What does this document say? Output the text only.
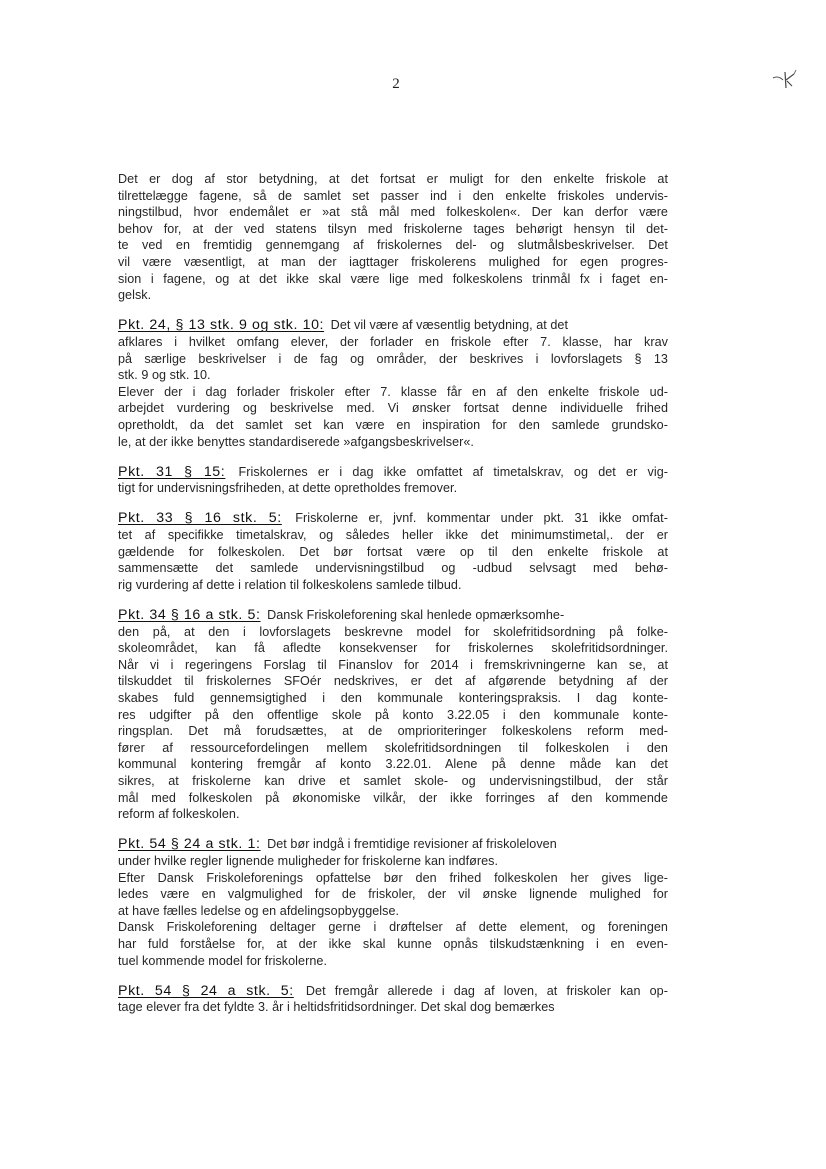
2
Det er dog af stor betydning, at det fortsat er muligt for den enkelte friskole at
tilrettelægge fagene, så de samlet set passer ind i den enkelte friskoles undervis-
ningstilbud, hvor endemålet er »at stå mål med folkeskolen«. Der kan derfor være
behov for, at der ved statens tilsyn med friskolerne tages behørigt hensyn til det-
te ved en fremtidig gennemgang af friskolernes del- og slutmålsbeskrivelser. Det
vil være væsentligt, at man der iagttager friskolerens mulighed for egen progres-
sion i fagene, og at det ikke skal være lige med folkeskolens trinmål fx i faget en-
gelsk.
Pkt. 24, § 13 stk. 9 og stk. 10: Det vil være af væsentlig betydning, at det
afklares i hvilket omfang elever, der forlader en friskole efter 7. klasse, har krav
på særlige beskrivelser i de fag og områder, der beskrives i lovforslagets § 13
stk. 9 og stk. 10.
Elever der i dag forlader friskoler efter 7. klasse får en af den enkelte friskole ud-
arbejdet vurdering og beskrivelse med. Vi ønsker fortsat denne individuelle frihed
opretholdt, da det samlet set kan være en inspiration for den samlede grundsko-
le, at der ikke benyttes standardiserede »afgangsbeskrivelser«.
Pkt. 31 § 15: Friskolernes er i dag ikke omfattet af timetalskrav, og det er vig-
tigt for undervisningsfriheden, at dette opretholdes fremover.
Pkt. 33 § 16 stk. 5: Friskolerne er, jvnf. kommentar under pkt. 31 ikke omfat-
tet af specifikke timetalskrav, og således heller ikke det minimumstimetal,. der er
gældende for folkeskolen. Det bør fortsat være op til den enkelte friskole at
sammensætte det samlede undervisningstilbud og -udbud selvsagt med behø-
rig vurdering af dette i relation til folkeskolens samlede tilbud.
Pkt. 34 § 16 a stk. 5: Dansk Friskoleforening skal henlede opmærksomhe-
den på, at den i lovforslagets beskrevne model for skolefritidsordning på folke-
skoleområdet, kan få afledte konsekvenser for friskolernes skolefritidsordninger.
Når vi i regeringens Forslag til Finanslov for 2014 i fremskrivningerne kan se, at
tilskuddet til friskolernes SFOér nedskrives, er det af afgørende betydning af der
skabes fuld gennemsigtighed i den kommunale konteringspraksis. I dag konte-
res udgifter på den offentlige skole på konto 3.22.05 i den kommunale konte-
ringsplan. Det må forudsættes, at de omprioriteringer folkeskolens reform med-
fører af ressourcefordelingen mellem skolefritidsordningen til folkeskolen i den
kommunal kontering fremgår af konto 3.22.01. Alene på denne måde kan det
sikres, at friskolerne kan drive et samlet skole- og undervisningstilbud, der står
mål med folkeskolen på økonomiske vilkår, der ikke forringes af den kommende
reform af folkeskolen.
Pkt. 54 § 24 a stk. 1: Det bør indgå i fremtidige revisioner af friskoleloven
under hvilke regler lignende muligheder for friskolerne kan indføres.
Efter Dansk Friskoleforenings opfattelse bør den frihed folkeskolen her gives lige-
ledes være en valgmulighed for de friskoler, der vil ønske lignende mulighed for
at have fælles ledelse og en afdelingsopbyggelse.
Dansk Friskoleforening deltager gerne i drøftelser af dette element, og foreningen
har fuld forståelse for, at der ikke skal kunne opnås tilskudstænkning i en even-
tuel kommende model for friskolerne.
Pkt. 54 § 24 a stk. 5: Det fremgår allerede i dag af loven, at friskoler kan op-
tage elever fra det fyldte 3. år i heltidsfritidsordninger. Det skal dog bemærkes
